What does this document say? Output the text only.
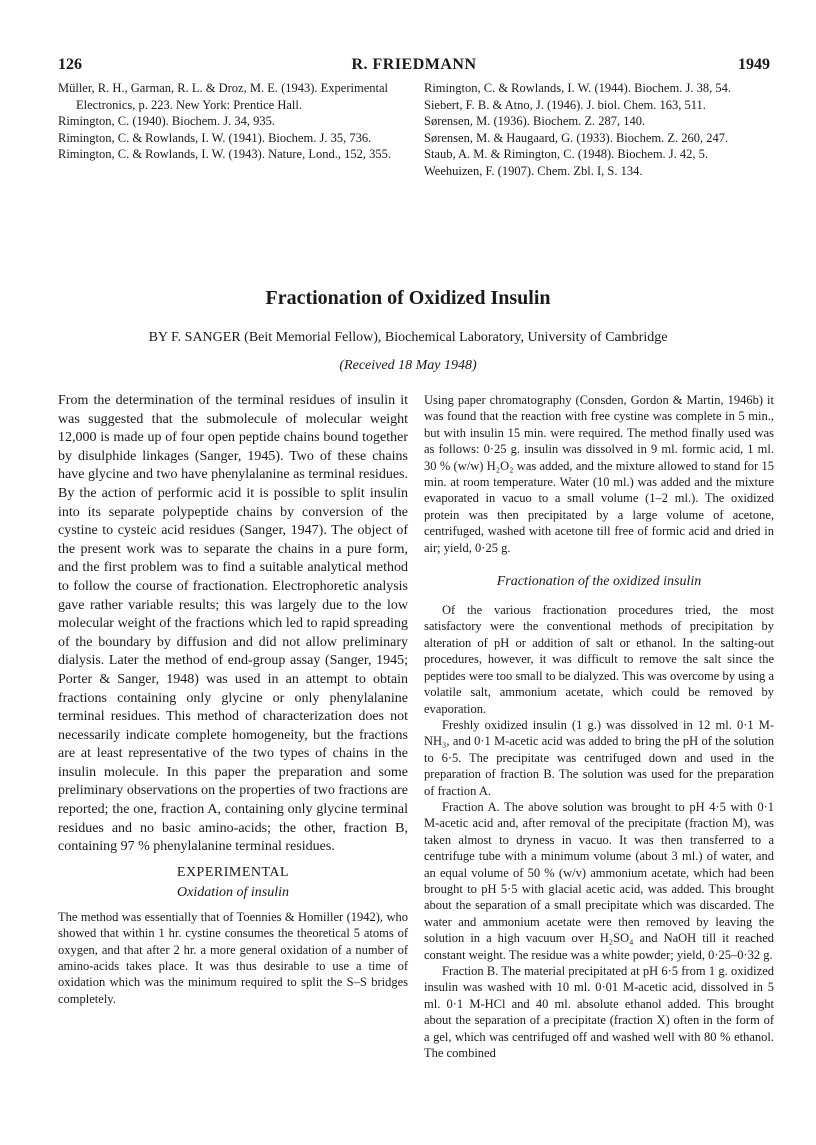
126	R. FRIEDMANN	1949

Müller, R. H., Garman, R. L. & Droz, M. E. (1943). Experimental Electronics, p. 223. New York: Prentice Hall.

Rimington, C. (1940). Biochem. J. 34, 935.

Rimington, C. & Rowlands, I. W. (1941). Biochem. J. 35, 736.

Rimington, C. & Rowlands, I. W. (1943). Nature, Lond., 152, 355.

Rimington, C. & Rowlands, I. W. (1944). Biochem. J. 38, 54.

Siebert, F. B. & Atno, J. (1946). J. biol. Chem. 163, 511.

Sørensen, M. (1936). Biochem. Z. 287, 140.

Sørensen, M. & Haugaard, G. (1933). Biochem. Z. 260, 247.

Staub, A. M. & Rimington, C. (1948). Biochem. J. 42, 5.

Weehuizen, F. (1907). Chem. Zbl. I, S. 134.

Fractionation of Oxidized Insulin
BY F. SANGER (Beit Memorial Fellow), Biochemical Laboratory, University of Cambridge
(Received 18 May 1948)

From the determination of the terminal residues of insulin it was suggested that the submolecule of molecular weight 12,000 is made up of four open peptide chains bound together by disulphide linkages (Sanger, 1945). Two of these chains have glycine and two have phenylalanine as terminal residues. By the action of performic acid it is possible to split insulin into its separate polypeptide chains by conversion of the cystine to cysteic acid residues (Sanger, 1947). The object of the present work was to separate the chains in a pure form, and the first problem was to find a suitable analytical method to follow the course of fractionation. Electrophoretic analysis gave rather variable results; this was largely due to the low molecular weight of the fractions which led to rapid spreading of the boundary by diffusion and did not allow preliminary dialysis. Later the method of end-group assay (Sanger, 1945; Porter & Sanger, 1948) was used in an attempt to obtain fractions containing only glycine or only phenylalanine terminal residues. This method of characterization does not necessarily indicate complete homogeneity, but the fractions are at least representative of the two types of chains in the insulin molecule. In this paper the preparation and some preliminary observations on the properties of two fractions are reported; the one, fraction A, containing only glycine terminal residues and no basic amino-acids; the other, fraction B, containing 97 % phenylalanine terminal residues.

EXPERIMENTAL
Oxidation of insulin

The method was essentially that of Toennies & Homiller (1942), who showed that within 1 hr. cystine consumes the theoretical 5 atoms of oxygen, and that after 2 hr. a more general oxidation of a number of amino-acids takes place. It was thus desirable to use a time of oxidation which was the minimum required to split the S–S bridges completely.

Using paper chromatography (Consden, Gordon & Martin, 1946b) it was found that the reaction with free cystine was complete in 5 min., but with insulin 15 min. were required. The method finally used was as follows: 0·25 g. insulin was dissolved in 9 ml. formic acid, 1 ml. 30 % (w/w) H₂O₂ was added, and the mixture allowed to stand for 15 min. at room temperature. Water (10 ml.) was added and the mixture evaporated in vacuo to a small volume (1–2 ml.). The oxidized protein was then precipitated by a large volume of acetone, centrifuged, washed with acetone till free of formic acid and dried in air; yield, 0·25 g.

Fractionation of the oxidized insulin

Of the various fractionation procedures tried, the most satisfactory were the conventional methods of precipitation by alteration of pH or addition of salt or ethanol. In the salting-out procedures, however, it was difficult to remove the salt since the peptides were too small to be dialyzed. This was overcome by using a volatile salt, ammonium acetate, which could be removed by evaporation.

Freshly oxidized insulin (1 g.) was dissolved in 12 ml. 0·1 M-NH₃, and 0·1 M-acetic acid was added to bring the pH of the solution to 6·5. The precipitate was centrifuged down and used in the preparation of fraction B. The solution was used for the preparation of fraction A.

Fraction A. The above solution was brought to pH 4·5 with 0·1 M-acetic acid and, after removal of the precipitate (fraction M), was taken almost to dryness in vacuo. It was then transferred to a centrifuge tube with a minimum volume (about 3 ml.) of water, and an equal volume of 50 % (w/v) ammonium acetate, which had been brought to pH 5·5 with glacial acetic acid, was added. This brought about the separation of a small precipitate which was discarded. The water and ammonium acetate were then removed by leaving the solution in a high vacuum over H₂SO₄ and NaOH till it reached constant weight. The residue was a white powder; yield, 0·25–0·32 g.

Fraction B. The material precipitated at pH 6·5 from 1 g. oxidized insulin was washed with 10 ml. 0·01 M-acetic acid, dissolved in 5 ml. 0·1 M-HCl and 40 ml. absolute ethanol added. This brought about the separation of a precipitate (fraction X) often in the form of a gel, which was centrifuged off and washed well with 80 % ethanol. The combined
